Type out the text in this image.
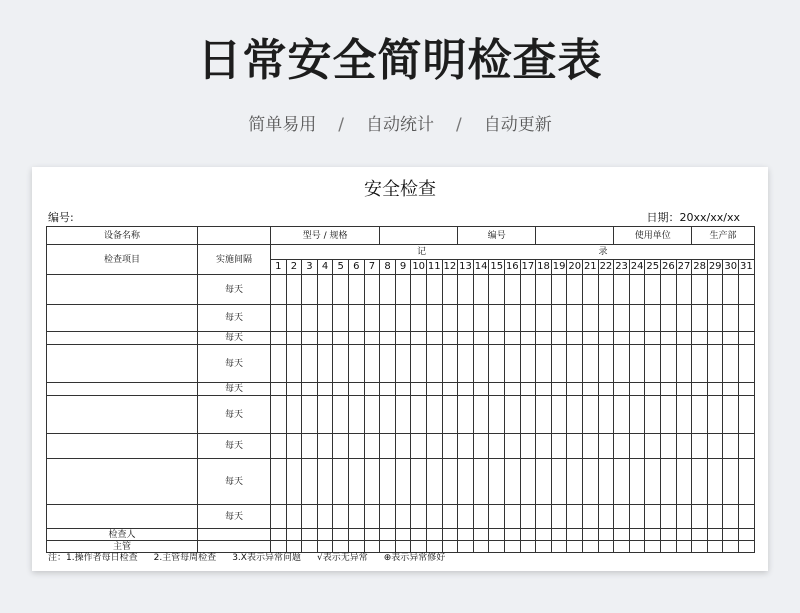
日常安全简明检查表
简单易用 / 自动统计 / 自动更新
安全检查
编号:	日期：20xx/xx/xx
设备名称		型号 / 规格												编号										使用单位					生产部			
检查项目	实施间隔	记 录																														

		1	2	3	4	5	6	7	8	9	10	11	12	13	14	15	16	17	18	19	20	21	22	23	24	25	26	27	28	29	30	31
	每天																															
	每天																															
	每天																															
	每天																															
	每天																															
	每天																															
	每天																															
	每天																															
	每天																															
检查人																																
主管																																
注：1.操作者每日检查 2.主管每周检查 3.X表示异常问题 √表示无异常 ⊕表示异常修好
